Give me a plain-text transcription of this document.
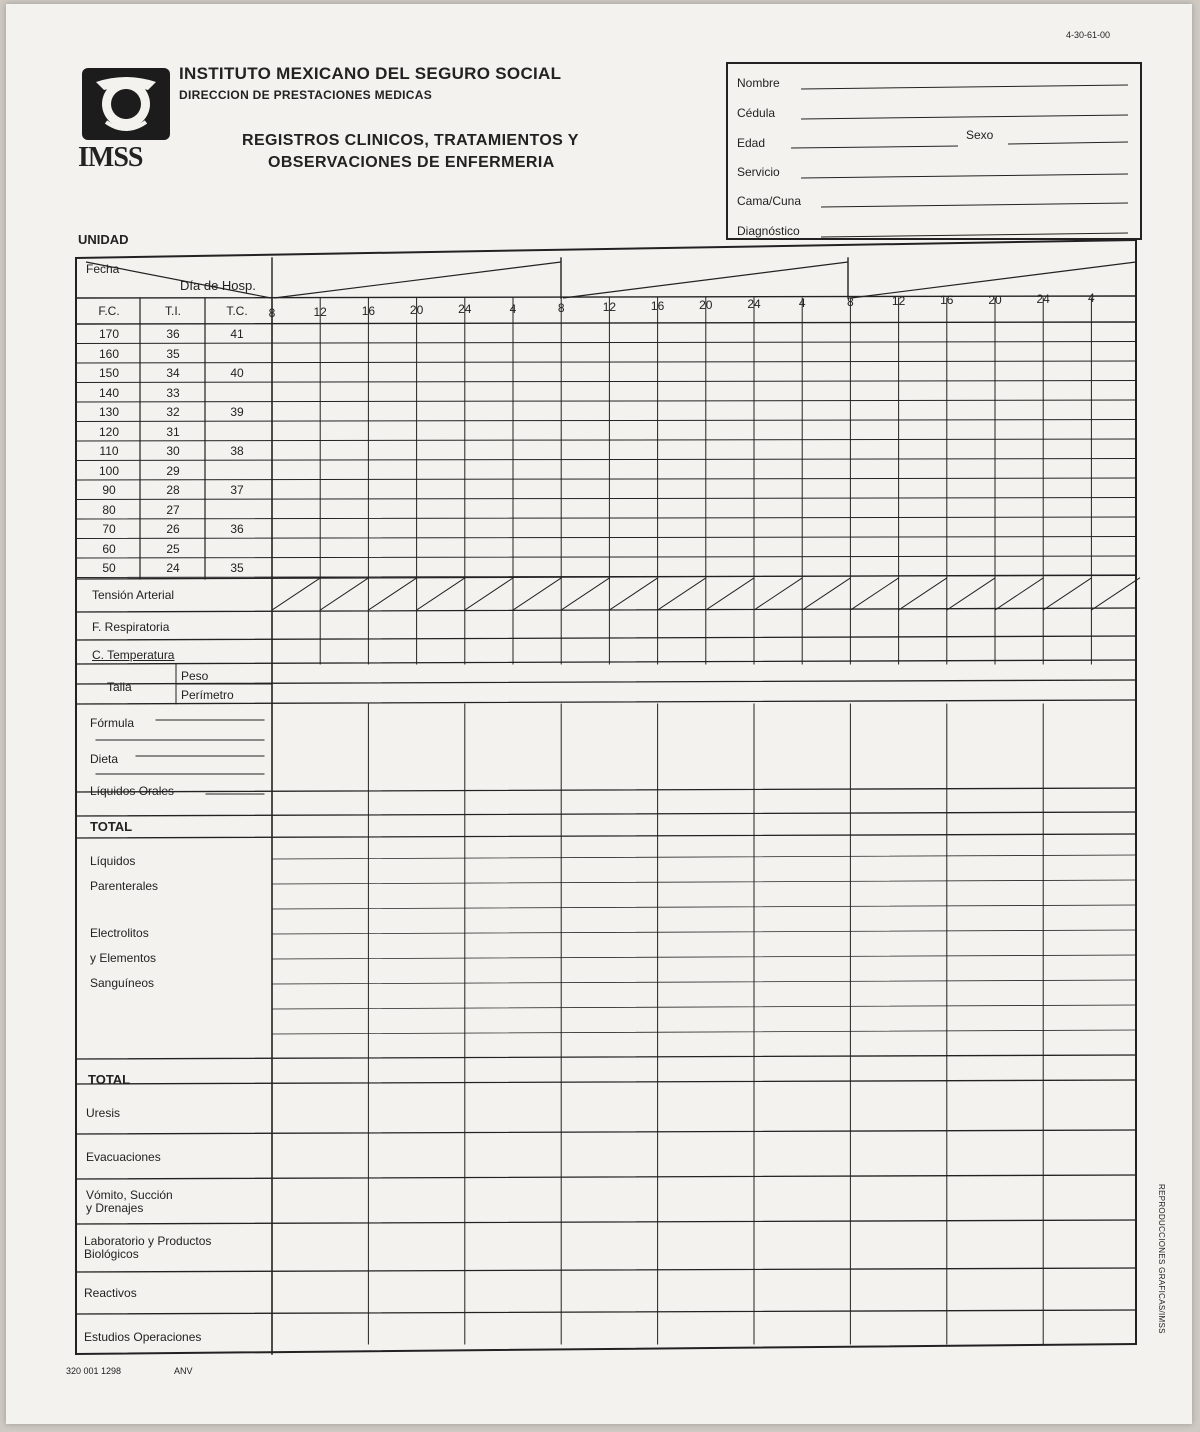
4-30-61-00
IMSS
INSTITUTO MEXICANO DEL SEGURO SOCIAL
DIRECCION DE PRESTACIONES MEDICAS
REGISTROS CLINICOS, TRATAMIENTOS Y
OBSERVACIONES DE ENFERMERIA
UNIDAD
Nombre
Cédula
Edad
Sexo
Servicio
Cama/Cuna
Diagnóstico
Fecha
Día de Hosp.
F.C.	T.I.	T.C.	8	12	16	20	24	4	8	12	16	20	24	4	8	12	16	20	24	4
170	36	41
160	35
150	34	40
140	33
130	32	39
120	31
110	30	38
100	29
90	28	37
80	27
70	26	36
60	25
50	24	35
Tensión Arterial
F. Respiratoria
C. Temperatura
Talla
Peso
Perímetro
Fórmula
Dieta
Líquidos Orales
TOTAL
Líquidos
Parenterales
Electrolitos
y Elementos
Sanguíneos
TOTAL
Uresis
Evacuaciones
Vómito, Succión
y Drenajes
Laboratorio y Productos
Biológicos
Reactivos
Estudios Operaciones
320 001 1298	ANV
REPRODUCCIONES GRAFICAS/IMSS
